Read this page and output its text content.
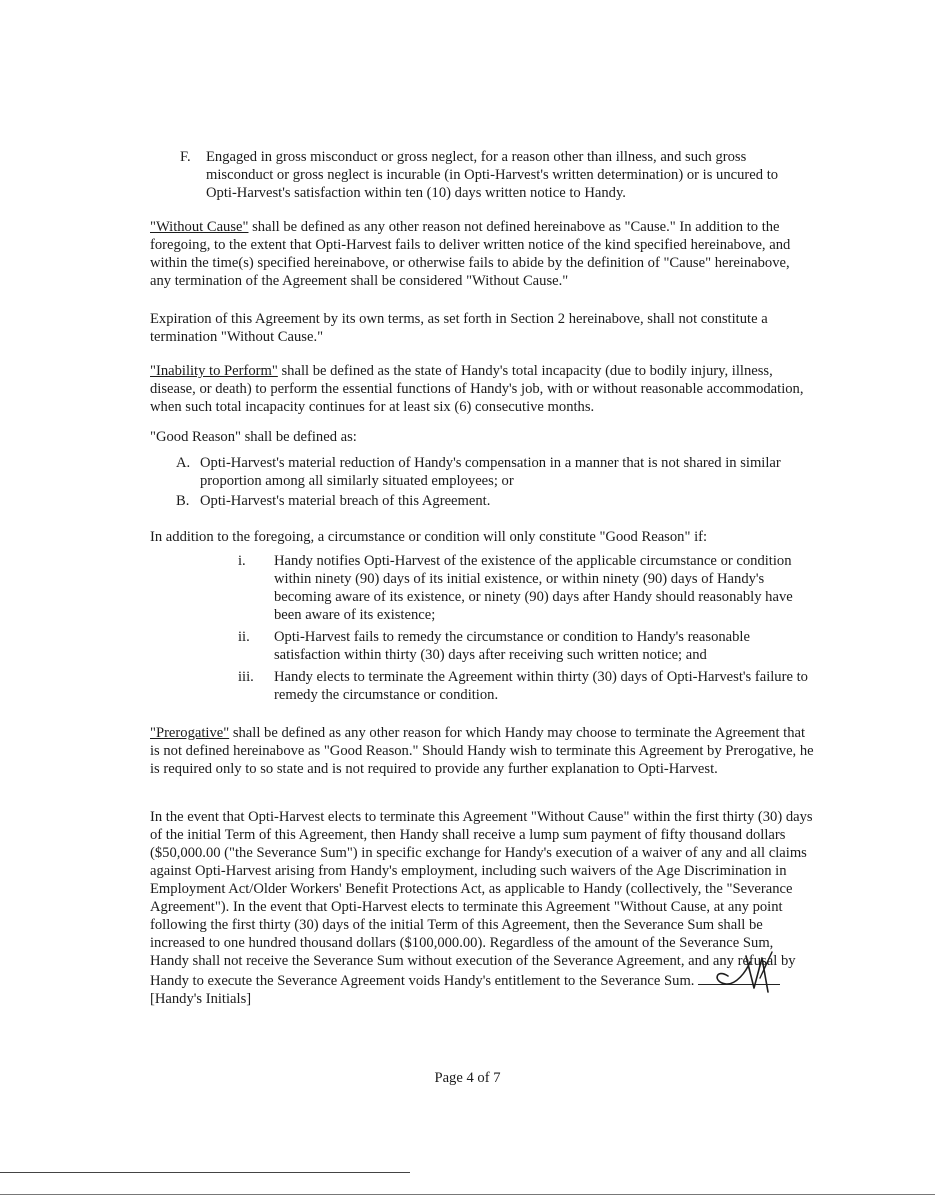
F.	Engaged in gross misconduct or gross neglect, for a reason other than illness, and such gross misconduct or gross neglect is incurable (in Opti-Harvest's written determination) or is uncured to Opti-Harvest's satisfaction within ten (10) days written notice to Handy.

"Without Cause" shall be defined as any other reason not defined hereinabove as "Cause." In addition to the foregoing, to the extent that Opti-Harvest fails to deliver written notice of the kind specified hereinabove, and within the time(s) specified hereinabove, or otherwise fails to abide by the definition of "Cause" hereinabove, any termination of the Agreement shall be considered "Without Cause."

Expiration of this Agreement by its own terms, as set forth in Section 2 hereinabove, shall not constitute a termination "Without Cause."

"Inability to Perform" shall be defined as the state of Handy's total incapacity (due to bodily injury, illness, disease, or death) to perform the essential functions of Handy's job, with or without reasonable accommodation, when such total incapacity continues for at least six (6) consecutive months.

"Good Reason" shall be defined as:

A. Opti-Harvest's material reduction of Handy's compensation in a manner that is not shared in similar proportion among all similarly situated employees; or
B. Opti-Harvest's material breach of this Agreement.

In addition to the foregoing, a circumstance or condition will only constitute "Good Reason" if:

i.	Handy notifies Opti-Harvest of the existence of the applicable circumstance or condition within ninety (90) days of its initial existence, or within ninety (90) days of Handy's becoming aware of its existence, or ninety (90) days after Handy should reasonably have been aware of its existence;
ii.	Opti-Harvest fails to remedy the circumstance or condition to Handy's reasonable satisfaction within thirty (30) days after receiving such written notice; and
iii.	Handy elects to terminate the Agreement within thirty (30) days of Opti-Harvest's failure to remedy the circumstance or condition.

"Prerogative" shall be defined as any other reason for which Handy may choose to terminate the Agreement that is not defined hereinabove as "Good Reason." Should Handy wish to terminate this Agreement by Prerogative, he is required only to so state and is not required to provide any further explanation to Opti-Harvest.

In the event that Opti-Harvest elects to terminate this Agreement "Without Cause" within the first thirty (30) days of the initial Term of this Agreement, then Handy shall receive a lump sum payment of fifty thousand dollars ($50,000.00 ("the Severance Sum") in specific exchange for Handy's execution of a waiver of any and all claims against Opti-Harvest arising from Handy's employment, including such waivers of the Age Discrimination in Employment Act/Older Workers' Benefit Protections Act, as applicable to Handy (collectively, the "Severance Agreement"). In the event that Opti-Harvest elects to terminate this Agreement "Without Cause, at any point following the first thirty (30) days of the initial Term of this Agreement, then the Severance Sum shall be increased to one hundred thousand dollars ($100,000.00). Regardless of the amount of the Severance Sum, Handy shall not receive the Severance Sum without execution of the Severance Agreement, and any refusal by Handy to execute the Severance Agreement voids Handy's entitlement to the Severance Sum.
[Handy's Initials]

Page 4 of 7
